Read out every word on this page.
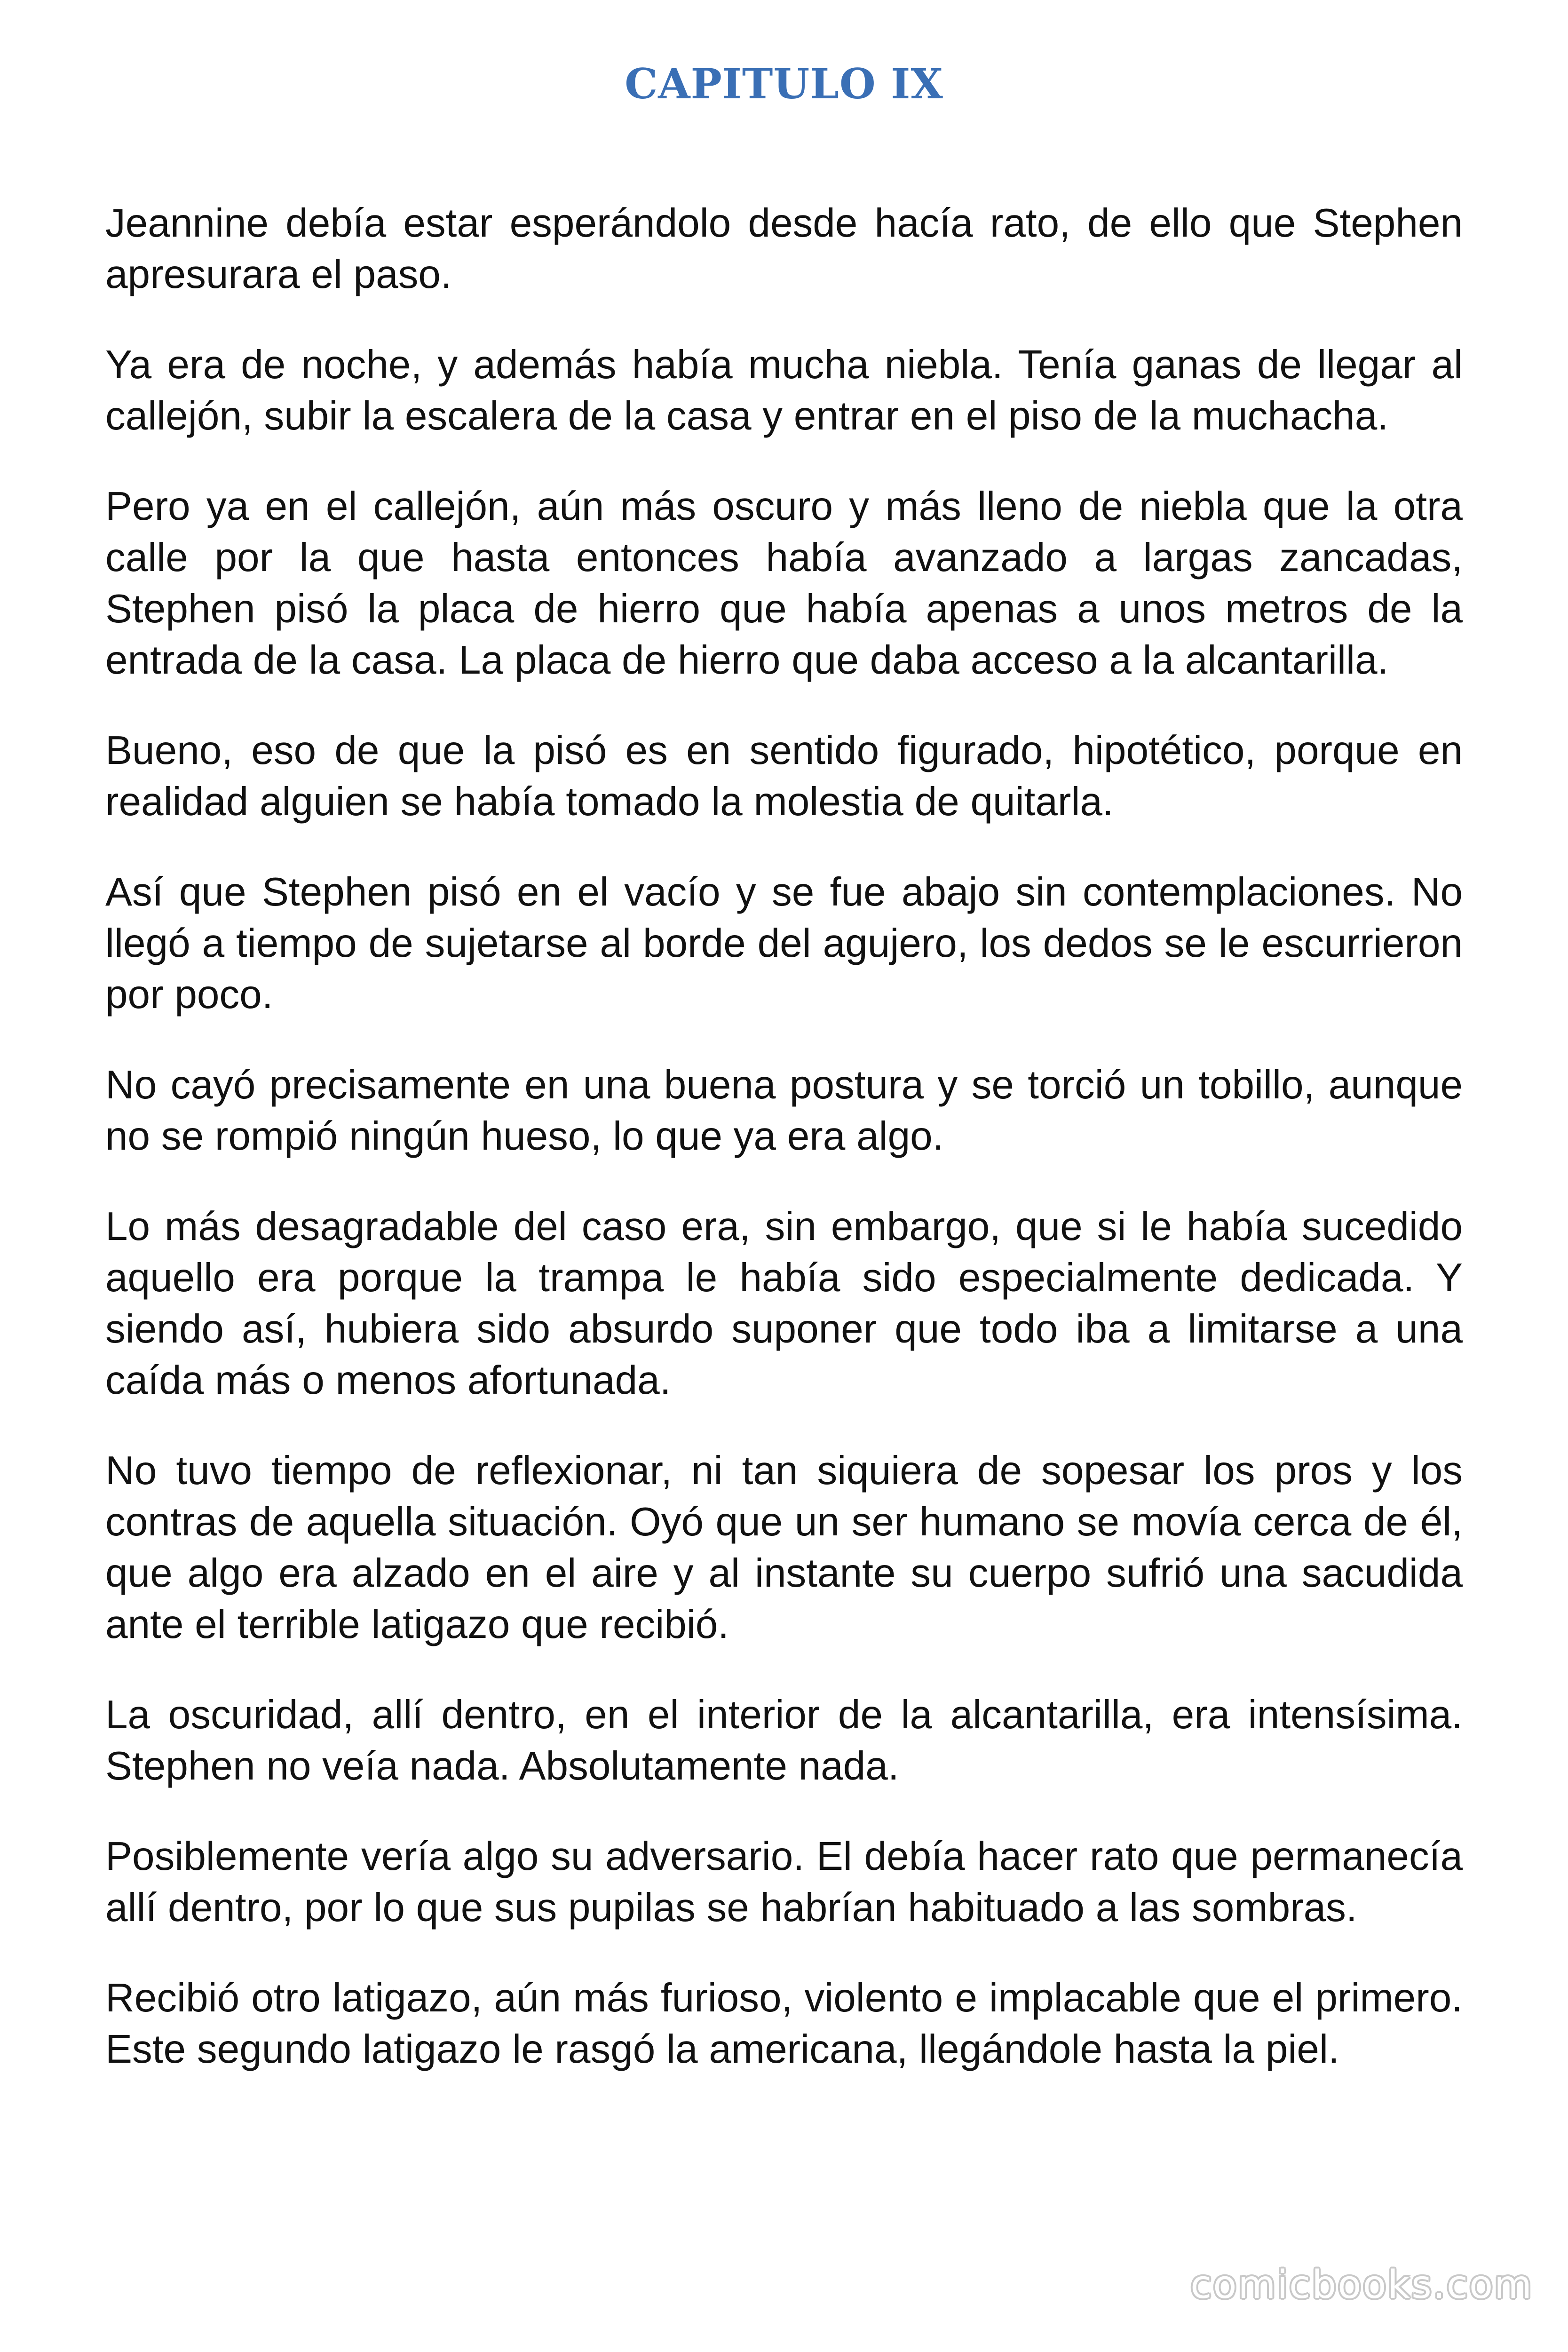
CAPITULO IX

Jeannine debía estar esperándolo desde hacía rato, de ello que Stephen apresurara el paso.

Ya era de noche, y además había mucha niebla. Tenía ganas de llegar al callejón, subir la escalera de la casa y entrar en el piso de la muchacha.

Pero ya en el callejón, aún más oscuro y más lleno de niebla que la otra calle por la que hasta entonces había avanzado a largas zancadas, Stephen pisó la placa de hierro que había apenas a unos metros de la entrada de la casa. La placa de hierro que daba acceso a la alcantarilla.

Bueno, eso de que la pisó es en sentido figurado, hipotético, porque en realidad alguien se había tomado la molestia de quitarla.

Así que Stephen pisó en el vacío y se fue abajo sin contemplaciones. No llegó a tiempo de sujetarse al borde del agujero, los dedos se le escurrieron por poco.

No cayó precisamente en una buena postura y se torció un tobillo, aunque no se rompió ningún hueso, lo que ya era algo.

Lo más desagradable del caso era, sin embargo, que si le había sucedido aquello era porque la trampa le había sido especialmente dedicada. Y siendo así, hubiera sido absurdo suponer que todo iba a limitarse a una caída más o menos afortunada.

No tuvo tiempo de reflexionar, ni tan siquiera de sopesar los pros y los contras de aquella situación. Oyó que un ser humano se movía cerca de él, que algo era alzado en el aire y al instante su cuerpo sufrió una sacudida ante el terrible latigazo que recibió.

La oscuridad, allí dentro, en el interior de la alcantarilla, era intensísima. Stephen no veía nada. Absolutamente nada.

Posiblemente vería algo su adversario. El debía hacer rato que permanecía allí dentro, por lo que sus pupilas se habrían habituado a las sombras.

Recibió otro latigazo, aún más furioso, violento e implacable que el primero. Este segundo latigazo le rasgó la americana, llegándole hasta la piel.

comicbooks.com
